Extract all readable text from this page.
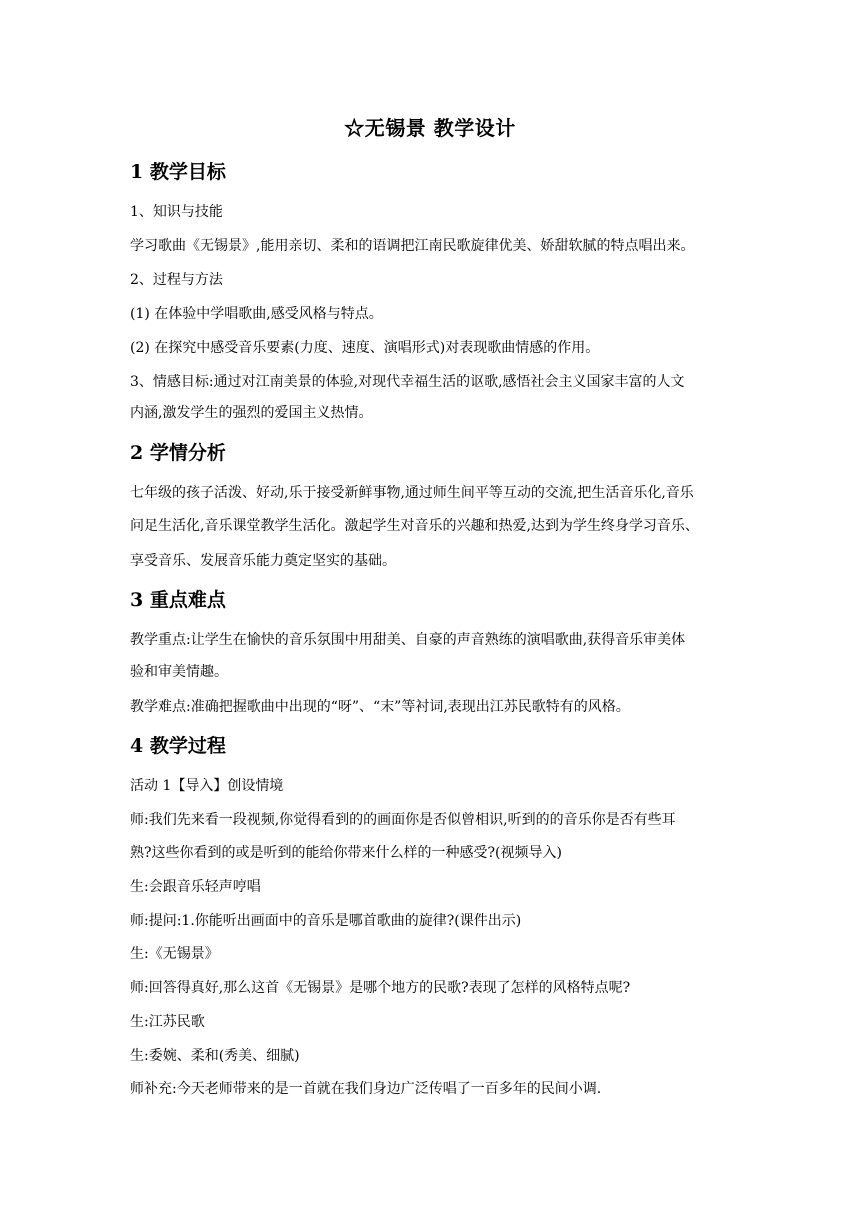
☆无锡景 教学设计
1 教学目标
1、知识与技能
学习歌曲《无锡景》,能用亲切、柔和的语调把江南民歌旋律优美、娇甜软腻的特点唱出来。
2、过程与方法
(1) 在体验中学唱歌曲,感受风格与特点。
(2) 在探究中感受音乐要素(力度、速度、演唱形式)对表现歌曲情感的作用。
3、情感目标:通过对江南美景的体验,对现代幸福生活的讴歌,感悟社会主义国家丰富的人文
内涵,激发学生的强烈的爱国主义热情。
2 学情分析
七年级的孩子活泼、好动,乐于接受新鲜事物,通过师生间平等互动的交流,把生活音乐化,音乐
问足生活化,音乐课堂教学生活化。激起学生对音乐的兴趣和热爱,达到为学生终身学习音乐、
享受音乐、发展音乐能力奠定坚实的基础。
3 重点难点
教学重点:让学生在愉快的音乐氛围中用甜美、自豪的声音熟练的演唱歌曲,获得音乐审美体
验和审美情趣。
教学难点:准确把握歌曲中出现的“呀”、“末”等衬词,表现出江苏民歌特有的风格。
4 教学过程
活动 1【导入】创设情境
师:我们先来看一段视频,你觉得看到的的画面你是否似曾相识,听到的的音乐你是否有些耳
熟?这些你看到的或是听到的能给你带来什么样的一种感受?(视频导入)
生:会跟音乐轻声哼唱
师:提问:1.你能听出画面中的音乐是哪首歌曲的旋律?(课件出示)
生:《无锡景》
师:回答得真好,那么这首《无锡景》是哪个地方的民歌?表现了怎样的风格特点呢?
生:江苏民歌
生:委婉、柔和(秀美、细腻)
师补充:今天老师带来的是一首就在我们身边广泛传唱了一百多年的民间小调.
